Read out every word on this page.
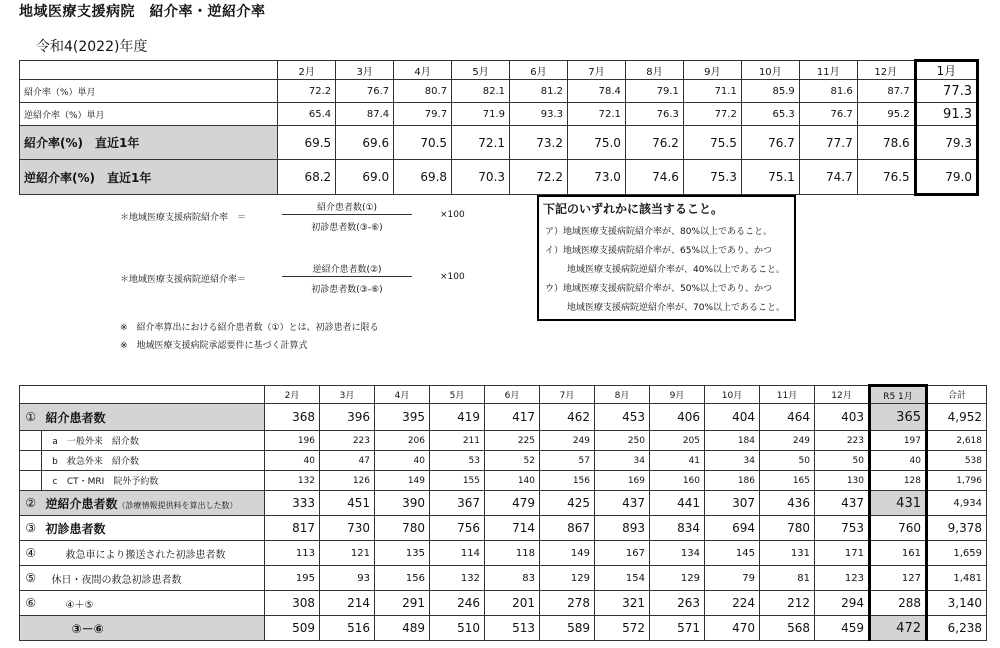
地域医療支援病院　紹介率・逆紹介率
令和4(2022)年度
	2月	3月	4月	5月	6月	7月	8月	9月	10月	11月	12月	1月
紹介率（%）単月	72.2	76.7	80.7	82.1	81.2	78.4	79.1	71.1	85.9	81.6	87.7	77.3
逆紹介率（%）単月	65.4	87.4	79.7	71.9	93.3	72.1	76.3	77.2	65.3	76.7	95.2	91.3
紹介率(%)　直近1年	69.5	69.6	70.5	72.1	73.2	75.0	76.2	75.5	76.7	77.7	78.6	79.3
逆紹介率(%)　直近1年	68.2	69.0	69.8	70.3	72.2	73.0	74.6	75.3	75.1	74.7	76.5	79.0
＊地域医療支援病院紹介率　＝
紹介患者数(①)
初診患者数(③-⑥)
×100
＊地域医療支援病院逆紹介率＝
逆紹介患者数(②)
初診患者数(③-⑥)
×100
下記のいずれかに該当すること。
ア）地域医療支援病院紹介率が、80%以上であること。
イ）地域医療支援病院紹介率が、65%以上であり、かつ
地域医療支援病院逆紹介率が、40%以上であること。
ウ）地域医療支援病院紹介率が、50%以上であり、かつ
地域医療支援病院逆紹介率が、70%以上であること。
※　紹介率算出における紹介患者数（①）とは、初診患者に限る
※　地域医療支援病院承認要件に基づく計算式
		2月	3月	4月	5月	6月	7月	8月	9月	10月	11月	12月	R5 1月	合計
①	紹介患者数	368	396	395	419	417	462	453	406	404	464	403	365	4,952
	a 一般外来　紹介数	196	223	206	211	225	249	250	205	184	249	223	197	2,618
	b 救急外来　紹介数	40	47	40	53	52	57	34	41	34	50	50	40	538
	c CT・MRI　院外予約数	132	126	149	155	140	156	169	160	186	165	130	128	1,796
②	逆紹介患者数（診療情報提供料を算出した数）	333	451	390	367	479	425	437	441	307	436	437	431	4,934
③	初診患者数	817	730	780	756	714	867	893	834	694	780	753	760	9,378
④	救急車により搬送された初診患者数	113	121	135	114	118	149	167	134	145	131	171	161	1,659
⑤	休日・夜間の救急初診患者数	195	93	156	132	83	129	154	129	79	81	123	127	1,481
⑥	④＋⑤	308	214	291	246	201	278	321	263	224	212	294	288	3,140
	③－⑥	509	516	489	510	513	589	572	571	470	568	459	472	6,238
